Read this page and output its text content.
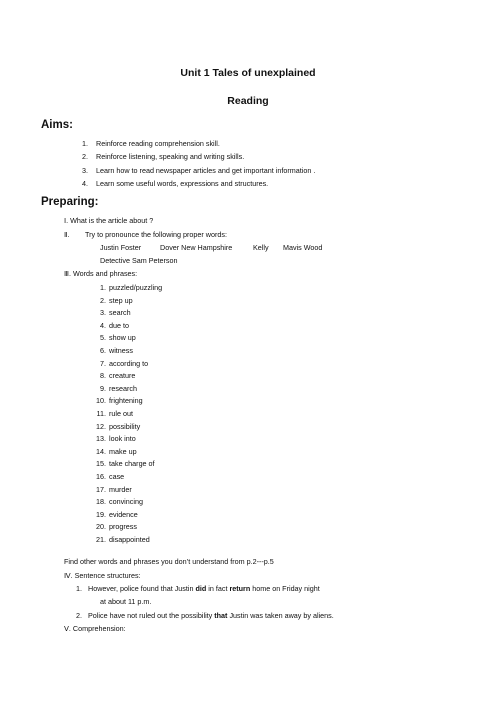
Unit 1 Tales of unexplained
Reading
Aims:
1. Reinforce reading comprehension skill.
2. Reinforce listening, speaking and writing skills.
3. Learn how to read newspaper articles and get important information .
4. Learn some useful words, expressions and structures.
Preparing:
Ⅰ. What is the article about ?
Ⅱ. Try to pronounce the following proper words:
Justin Foster	Dover New Hampshire	Kelly Mavis Wood
Detective Sam Peterson
Ⅲ. Words and phrases:
1. puzzled/puzzling
2. step up
3. search
4. due to
5. show up
6. witness
7. according to
8. creature
9. research
10. frightening
11. rule out
12. possibility
13. look into
14. make up
15. take charge of
16. case
17. murder
18. convincing
19. evidence
20. progress
21. disappointed
Find other words and phrases you don’t understand from p.2---p.5
Ⅳ. Sentence structures:
1. However, police found that Justin did in fact return home on Friday night
at about 11 p.m.
2. Police have not ruled out the possibility that Justin was taken away by aliens.
Ⅴ. Comprehension:
